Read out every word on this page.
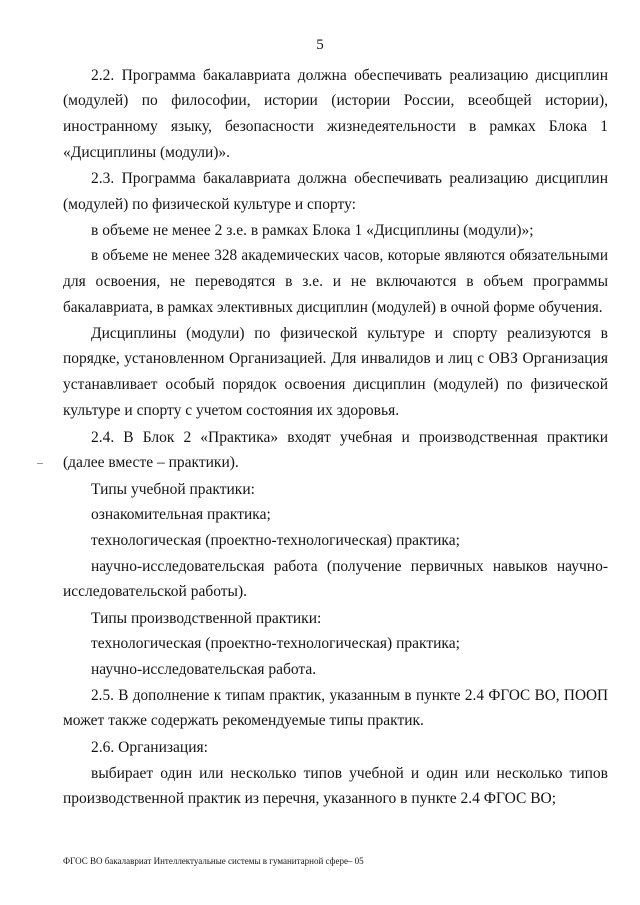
5
2.2. Программа бакалавриата должна обеспечивать реализацию дисциплин
(модулей) по философии, истории (истории России, всеобщей истории),
иностранному языку, безопасности жизнедеятельности в рамках Блока 1
«Дисциплины (модули)».
2.3. Программа бакалавриата должна обеспечивать реализацию дисциплин
(модулей) по физической культуре и спорту:
в объеме не менее 2 з.е. в рамках Блока 1 «Дисциплины (модули)»;
в объеме не менее 328 академических часов, которые являются обязательными
для освоения, не переводятся в з.е. и не включаются в объем программы
бакалавриата, в рамках элективных дисциплин (модулей) в очной форме обучения.
Дисциплины (модули) по физической культуре и спорту реализуются в
порядке, установленном Организацией. Для инвалидов и лиц с ОВЗ Организация
устанавливает особый порядок освоения дисциплин (модулей) по физической
культуре и спорту с учетом состояния их здоровья.
2.4. В Блок 2 «Практика» входят учебная и производственная практики
(далее вместе – практики).
Типы учебной практики:
ознакомительная практика;
технологическая (проектно-технологическая) практика;
научно-исследовательская работа (получение первичных навыков научно-
исследовательской работы).
Типы производственной практики:
технологическая (проектно-технологическая) практика;
научно-исследовательская работа.
2.5. В дополнение к типам практик, указанным в пункте 2.4 ФГОС ВО, ПООП
может также содержать рекомендуемые типы практик.
2.6. Организация:
выбирает один или несколько типов учебной и один или несколько типов
производственной практик из перечня, указанного в пункте 2.4 ФГОС ВО;
ФГОС ВО бакалавриат Интеллектуальные системы в гуманитарной сфере– 05
